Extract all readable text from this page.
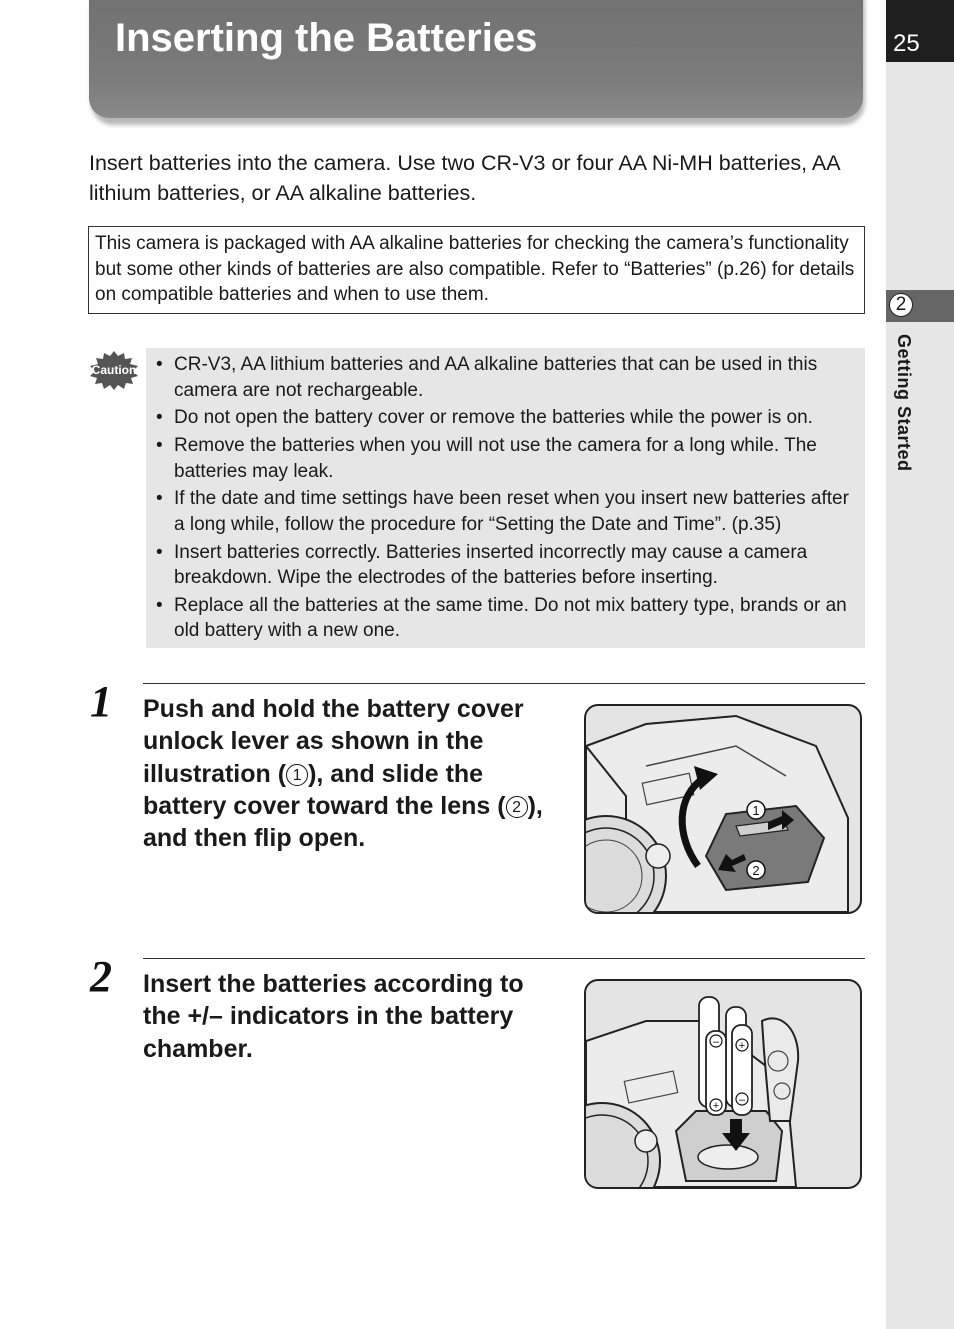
25
2
Getting Started
Inserting the Batteries
Insert batteries into the camera. Use two CR-V3 or four AA Ni-MH batteries, AA lithium batteries, or AA alkaline batteries.
This camera is packaged with AA alkaline batteries for checking the camera’s functionality but some other kinds of batteries are also compatible. Refer to “Batteries” (p.26) for details on compatible batteries and when to use them.
Caution
•	CR-V3, AA lithium batteries and AA alkaline batteries that can be used in this camera are not rechargeable.
• Do not open the battery cover or remove the batteries while the power is on.
• Remove the batteries when you will not use the camera for a long while. The batteries may leak.
• If the date and time settings have been reset when you insert new batteries after a long while, follow the procedure for “Setting the Date and Time”. (p.35)
• Insert batteries correctly. Batteries inserted incorrectly may cause a camera breakdown. Wipe the electrodes of the batteries before inserting.
• Replace all the batteries at the same time. Do not mix battery type, brands or an old battery with a new one.
1 Push and hold the battery cover unlock lever as shown in the illustration ( 1 ), and slide the battery cover toward the lens ( 2 ), and then flip open.
1
2
2 Insert the batteries according to the +/– indicators in the battery chamber.	– +
+ –
